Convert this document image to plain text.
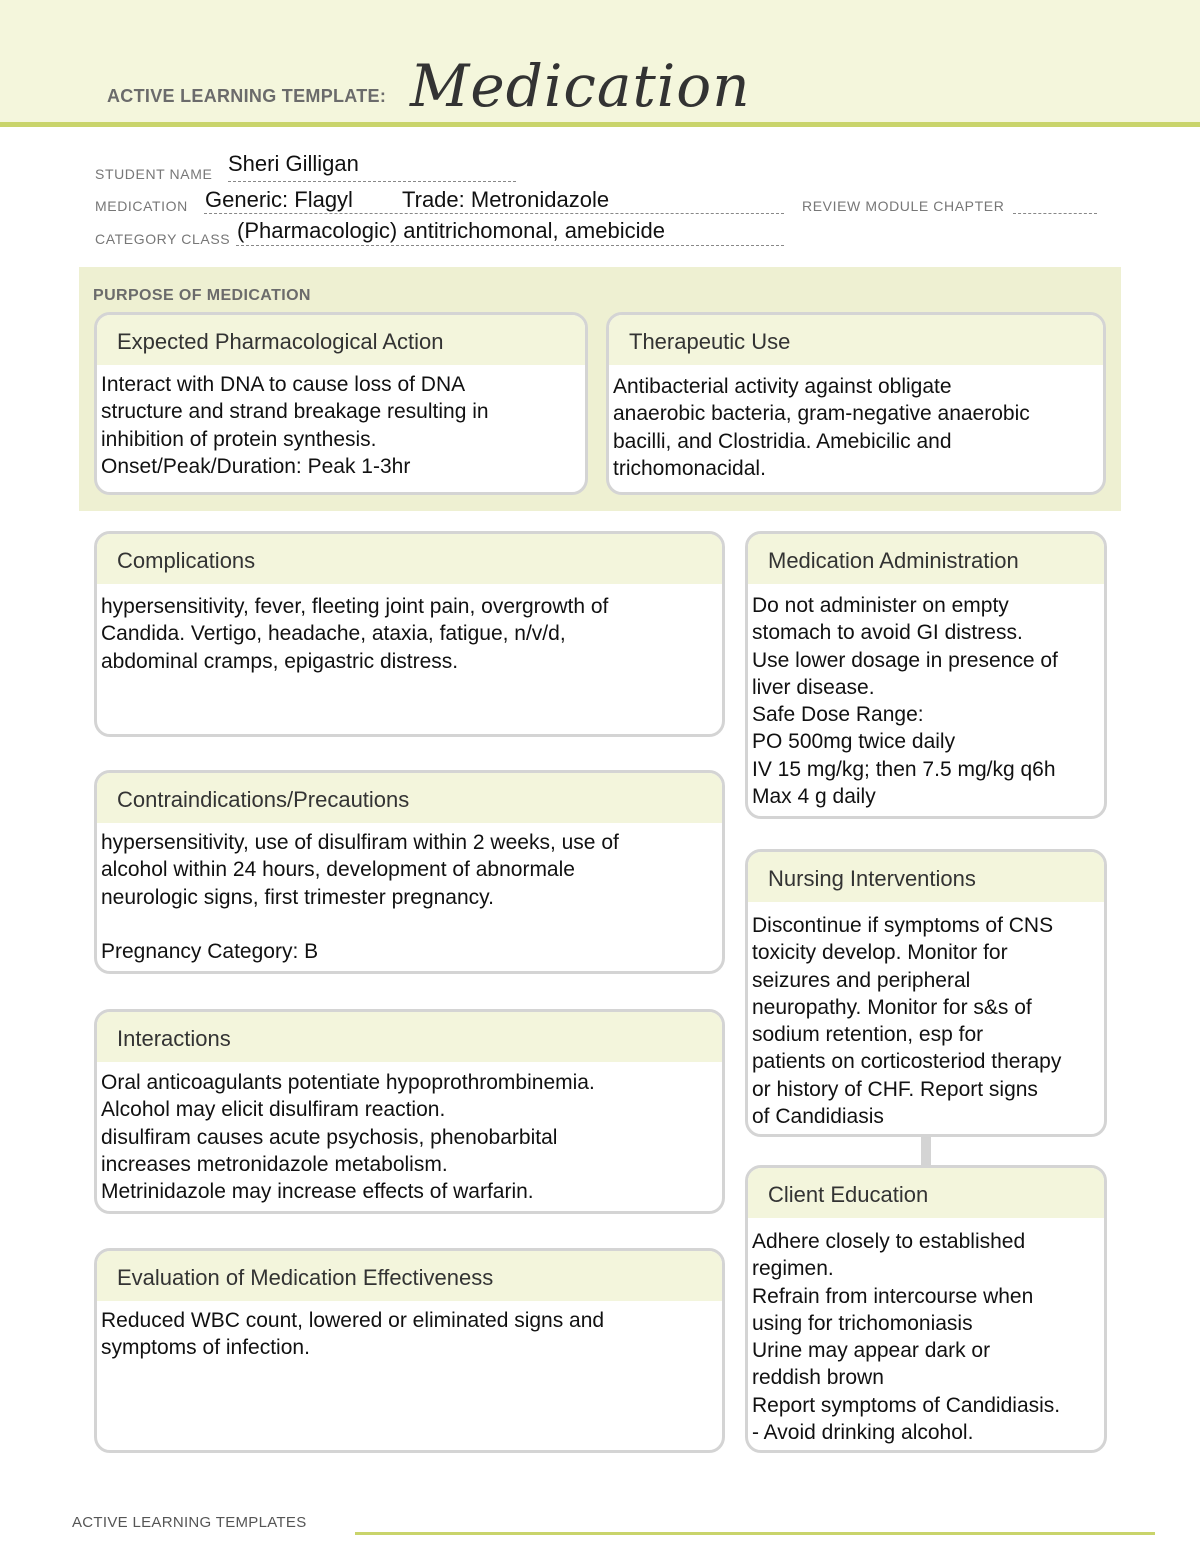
ACTIVE LEARNING TEMPLATE: Medication
STUDENT NAME Sheri Gilligan
MEDICATION Generic: Flagyl Trade: Metronidazole	REVIEW MODULE CHAPTER
CATEGORY CLASS (Pharmacologic) antitrichomonal, amebicide
PURPOSE OF MEDICATION
Expected Pharmacological Action
Interact with DNA to cause loss of DNA
structure and strand breakage resulting in
inhibition of protein synthesis.
Onset/Peak/Duration: Peak 1-3hr
Therapeutic Use
Antibacterial activity against obligate
anaerobic bacteria, gram-negative anaerobic
bacilli, and Clostridia. Amebicilic and
trichomonacidal.
Complications
hypersensitivity, fever, fleeting joint pain, overgrowth of
Candida. Vertigo, headache, ataxia, fatigue, n/v/d,
abdominal cramps, epigastric distress.
Contraindications/Precautions
hypersensitivity, use of disulfiram within 2 weeks, use of
alcohol within 24 hours, development of abnormale
neurologic signs, first trimester pregnancy.

Pregnancy Category: B
Interactions
Oral anticoagulants potentiate hypoprothrombinemia.
Alcohol may elicit disulfiram reaction.
disulfiram causes acute psychosis, phenobarbital
increases metronidazole metabolism.
Metrinidazole may increase effects of warfarin.
Evaluation of Medication Effectiveness
Reduced WBC count, lowered or eliminated signs and
symptoms of infection.
Medication Administration
Do not administer on empty
stomach to avoid GI distress.
Use lower dosage in presence of
liver disease.
Safe Dose Range:
PO 500mg twice daily
IV 15 mg/kg; then 7.5 mg/kg q6h
Max 4 g daily
Nursing Interventions
Discontinue if symptoms of CNS
toxicity develop. Monitor for
seizures and peripheral
neuropathy. Monitor for s&s of
sodium retention, esp for
patients on corticosteriod therapy
or history of CHF. Report signs
of Candidiasis
Client Education
Adhere closely to established
regimen.
Refrain from intercourse when
using for trichomoniasis
Urine may appear dark or
reddish brown
Report symptoms of Candidiasis.
- Avoid drinking alcohol.
ACTIVE LEARNING TEMPLATES
